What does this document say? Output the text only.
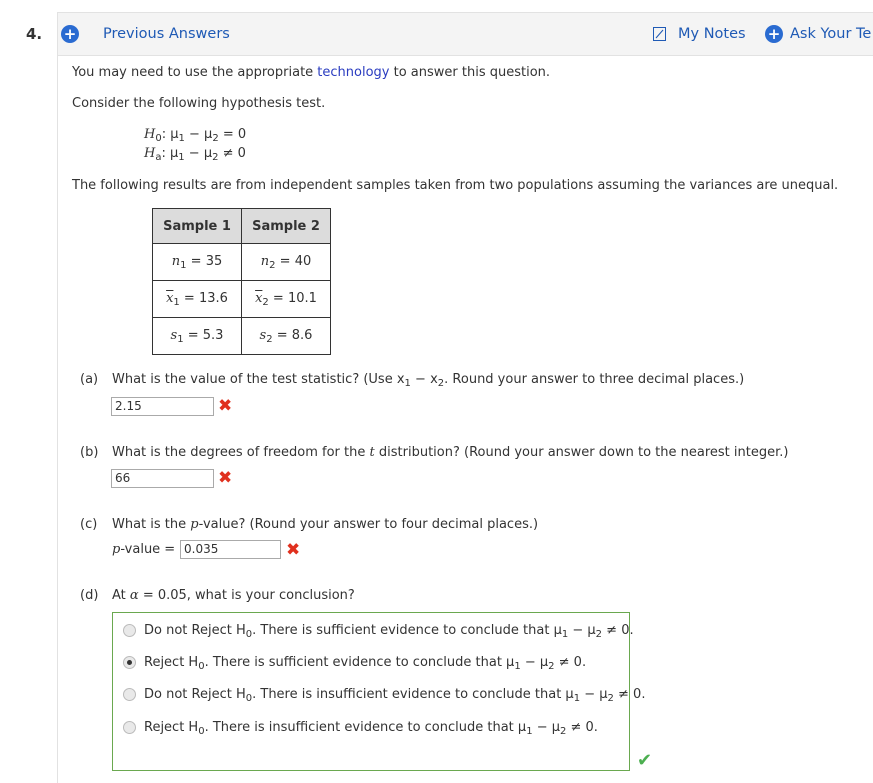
4. + Previous Answers	My Notes + Ask Your Te
You may need to use the appropriate technology to answer this question.
Consider the following hypothesis test.
$H_0$: $\mu_1 - \mu_2 = 0$
$H_a$: $\mu_1 - \mu_2 \ne 0$
The following results are from independent samples taken from two populations assuming the variances are unequal.
Sample 1	Sample 2
$n_1 = 35$	$n_2 = 40$
$\overline{x}_1 = 13.6$	$\overline{x}_2 = 10.1$
$s_1 = 5.3$	$s_2 = 8.6$
(a) What is the value of the test statistic? (Use $x_1 - x_2$. Round your answer to three decimal places.)
2.15	✖
(b) What is the degrees of freedom for the t distribution? (Round your answer down to the nearest integer.)
66	✖
(c) What is the p-value? (Round your answer to four decimal places.)
p-value = 0.035	✖
(d) At α = 0.05, what is your conclusion?
Do not Reject $H_0$. There is sufficient evidence to conclude that $\mu_1 - \mu_2 \ne 0$.
Reject $H_0$. There is sufficient evidence to conclude that $\mu_1 - \mu_2 \ne 0$.
Do not Reject $H_0$. There is insufficient evidence to conclude that $\mu_1 - \mu_2 \ne 0$.
Reject $H_0$. There is insufficient evidence to conclude that $\mu_1 - \mu_2 \ne 0$.
✔
